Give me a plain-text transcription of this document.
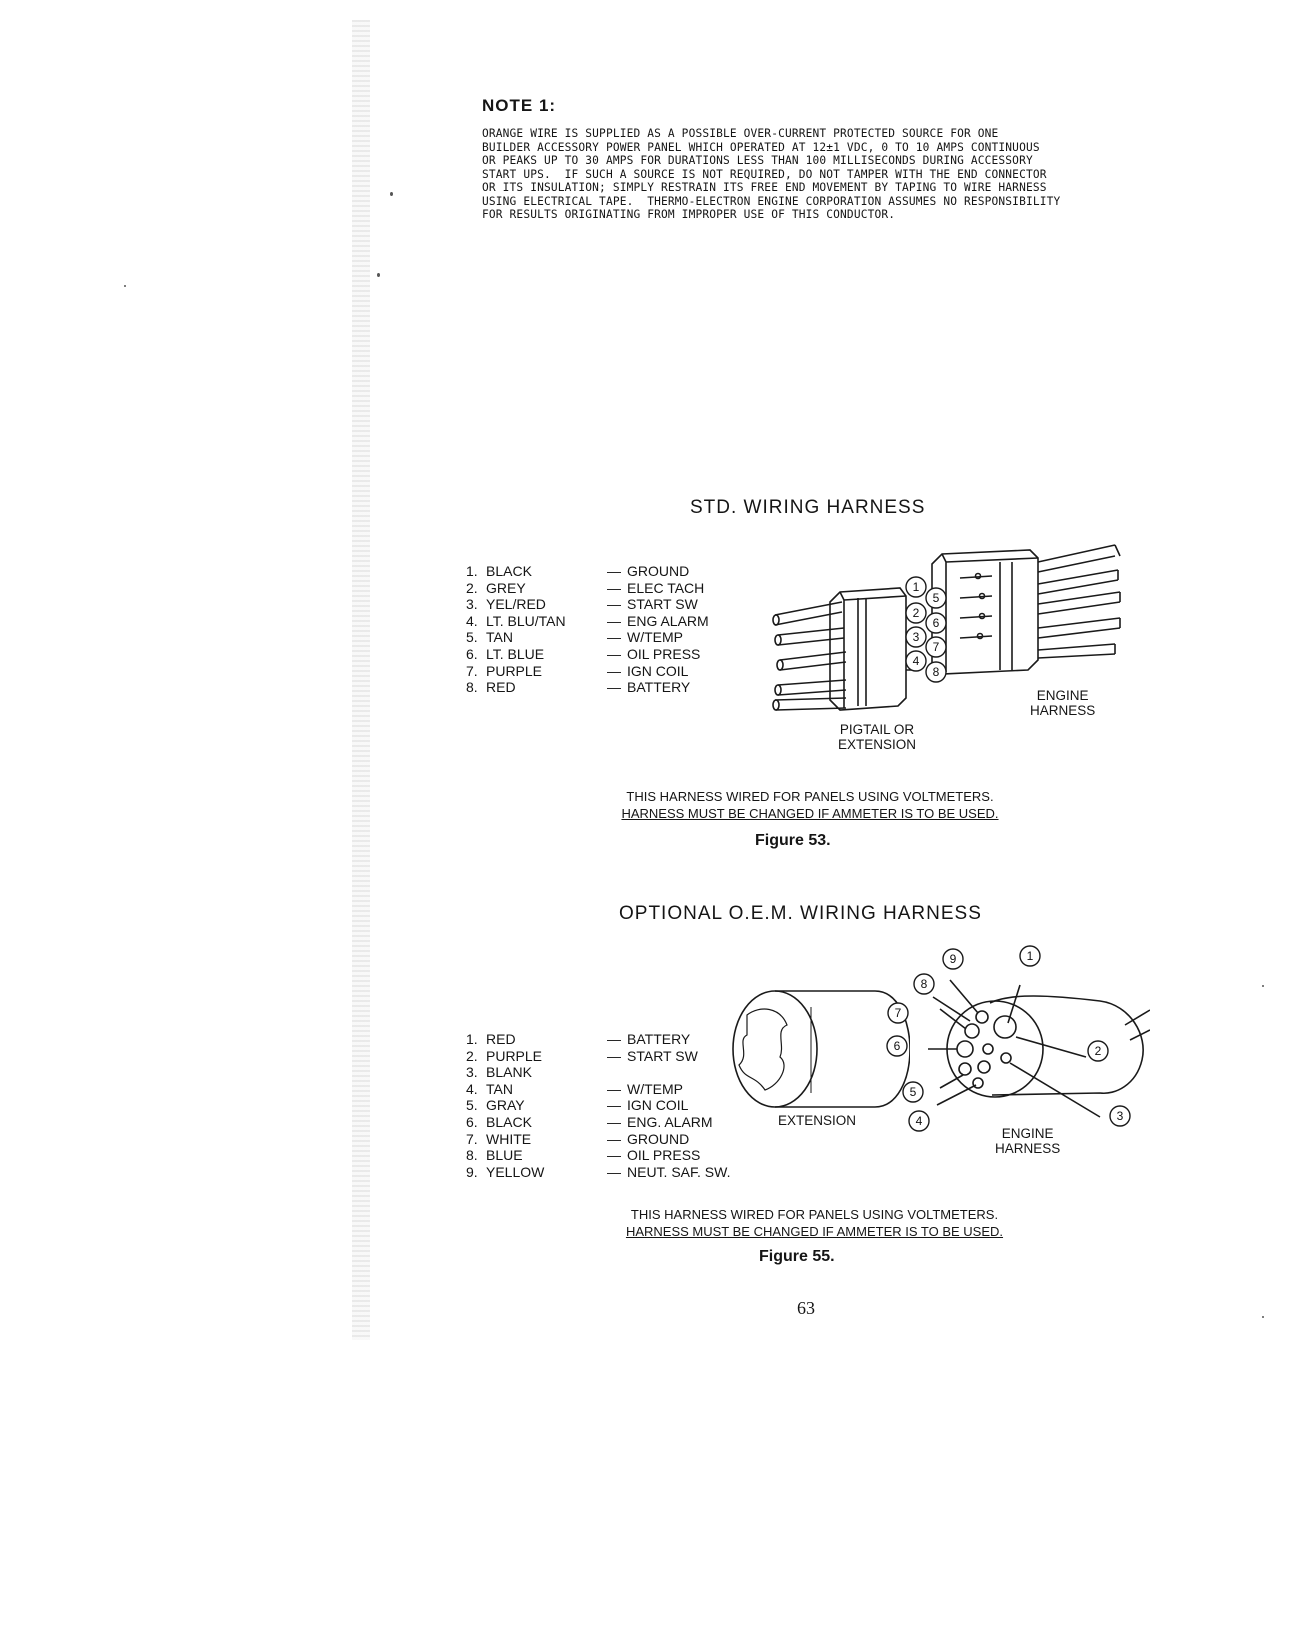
NOTE 1:
ORANGE WIRE IS SUPPLIED AS A POSSIBLE OVER-CURRENT PROTECTED SOURCE FOR ONE
BUILDER ACCESSORY POWER PANEL WHICH OPERATED AT 12±1 VDC, 0 TO 10 AMPS CONTINUOUS
OR PEAKS UP TO 30 AMPS FOR DURATIONS LESS THAN 100 MILLISECONDS DURING ACCESSORY
START UPS.  IF SUCH A SOURCE IS NOT REQUIRED, DO NOT TAMPER WITH THE END CONNECTOR
OR ITS INSULATION; SIMPLY RESTRAIN ITS FREE END MOVEMENT BY TAPING TO WIRE HARNESS
USING ELECTRICAL TAPE.  THERMO-ELECTRON ENGINE CORPORATION ASSUMES NO RESPONSIBILITY
FOR RESULTS ORIGINATING FROM IMPROPER USE OF THIS CONDUCTOR.
STD. WIRING HARNESS
1. BLACK	— GROUND
2. GREY	— ELEC TACH
3. YEL/RED	— START SW
4. LT. BLU/TAN	— ENG ALARM
5. TAN	— W/TEMP
6. LT. BLUE	— OIL PRESS
7. PURPLE	— IGN COIL
8. RED	— BATTERY
1
5
2
6
3
7
4
8
ENGINE
HARNESS
PIGTAIL OR
EXTENSION
THIS HARNESS WIRED FOR PANELS USING VOLTMETERS.
HARNESS MUST BE CHANGED IF AMMETER IS TO BE USED.
Figure 53.
OPTIONAL O.E.M. WIRING HARNESS
1. RED	— BATTERY
2. PURPLE	— START SW
3. BLANK
4. TAN	— W/TEMP
5. GRAY	— IGN COIL
6. BLACK	— ENG. ALARM
7. WHITE	— GROUND
8. BLUE	— OIL PRESS
9. YELLOW	— NEUT. SAF. SW.
EXTENSION
1
2
3
4
5
6
7
8
9
ENGINE
HARNESS
THIS HARNESS WIRED FOR PANELS USING VOLTMETERS.
HARNESS MUST BE CHANGED IF AMMETER IS TO BE USED.
Figure 55.
63
